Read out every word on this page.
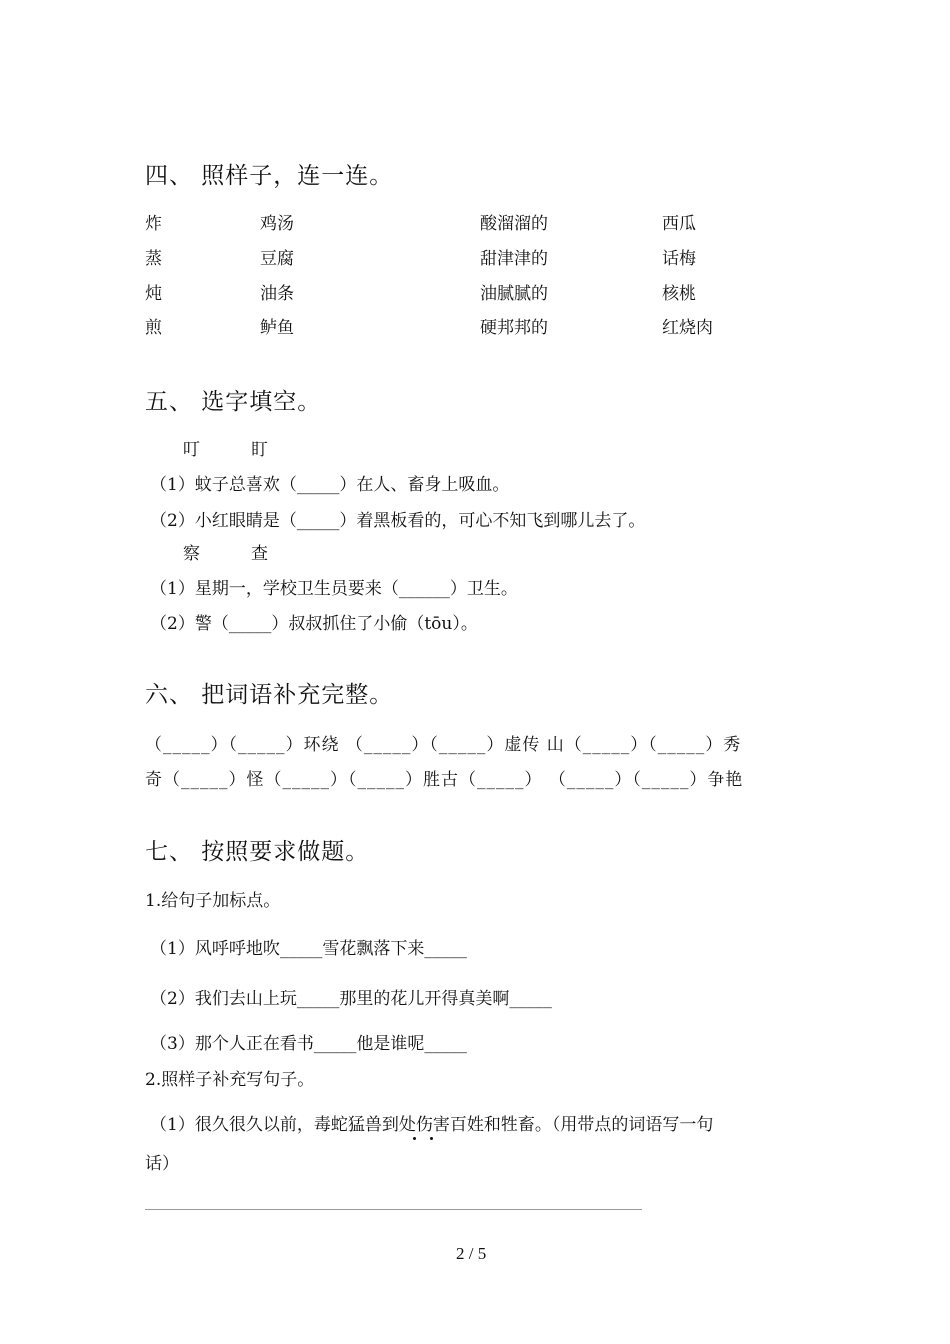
四、 照样子，连一连。
炸
蒸
炖
煎
鸡汤
豆腐
油条
鲈鱼
酸溜溜的
甜津津的
油腻腻的
硬邦邦的
西瓜
话梅
核桃
红烧肉
五、 选字填空。
叮　　　盯
（1）蚊子总喜欢（_____）在人、畜身上吸血。
（2）小红眼睛是（_____）着黑板看的，可心不知飞到哪儿去了。
察　　　查
（1）星期一，学校卫生员要来（______）卫生。
（2）警（_____）叔叔抓住了小偷（tōu）。
六、 把词语补充完整。
（_____）（_____）环绕 （_____）（_____）虚传 山（_____）（_____）秀
奇（_____）怪（_____）（_____）胜古（_____） （_____）（_____）争艳
七、 按照要求做题。
1.给句子加标点。
（1）风呼呼地吹_____雪花飘落下来_____
（2）我们去山上玩_____那里的花儿开得真美啊_____
（3）那个人正在看书_____他是谁呢_____
2.照样子补充写句子。
（1）很久很久以前，毒蛇猛兽到处伤害百姓和牲畜。（用带点的词语写一句
话）
2 / 5
